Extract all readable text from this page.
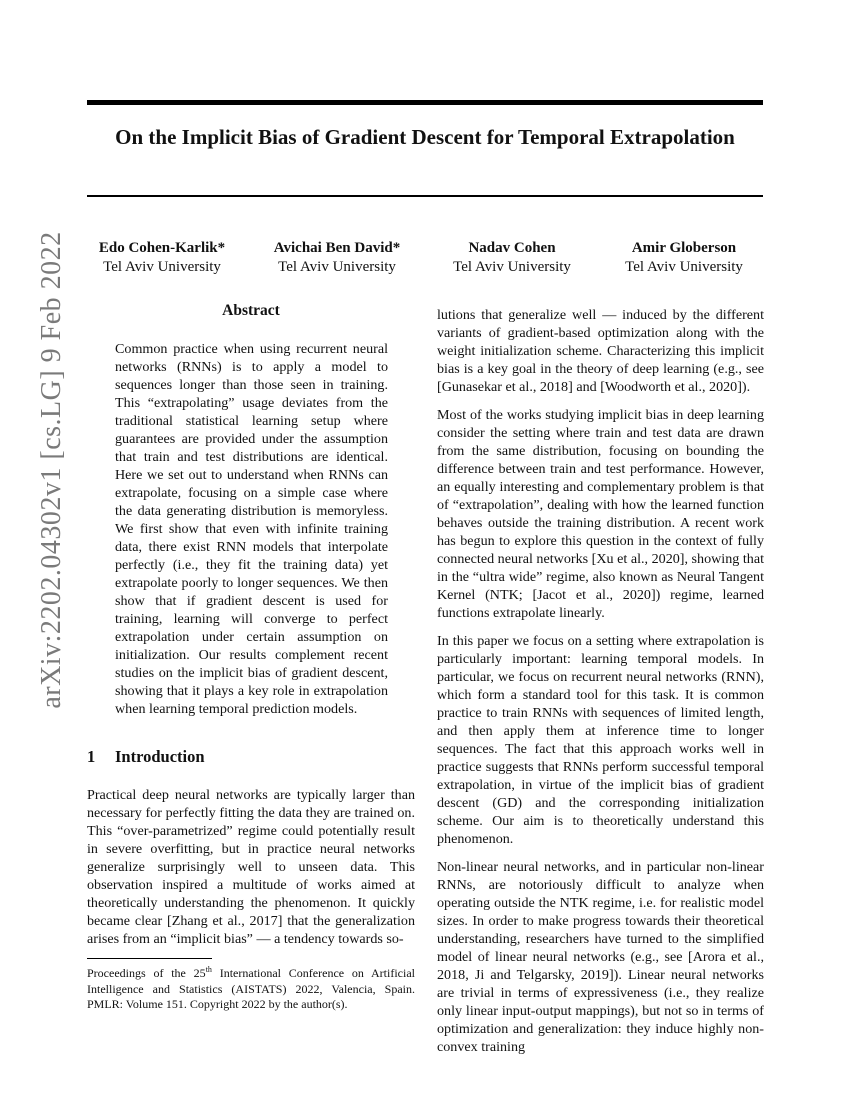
arXiv:2202.04302v1 [cs.LG] 9 Feb 2022
On the Implicit Bias of Gradient Descent for Temporal Extrapolation
Edo Cohen-Karlik*
Tel Aviv University
Avichai Ben David*
Tel Aviv University
Nadav Cohen
Tel Aviv University
Amir Globerson
Tel Aviv University
Abstract

Common practice when using recurrent neural networks (RNNs) is to apply a model to sequences longer than those seen in training. This “extrapolating” usage deviates from the traditional statistical learning setup where guarantees are provided under the assumption that train and test distributions are identical. Here we set out to understand when RNNs can extrapolate, focusing on a simple case where the data generating distribution is memoryless. We first show that even with infinite training data, there exist RNN models that interpolate perfectly (i.e., they fit the training data) yet extrapolate poorly to longer sequences. We then show that if gradient descent is used for training, learning will converge to perfect extrapolation under certain assumption on initialization. Our results complement recent studies on the implicit bias of gradient descent, showing that it plays a key role in extrapolation when learning temporal prediction models.

1 Introduction

Practical deep neural networks are typically larger than necessary for perfectly fitting the data they are trained on. This “over-parametrized” regime could potentially result in severe overfitting, but in practice neural networks generalize surprisingly well to unseen data. This observation inspired a multitude of works aimed at theoretically understanding the phenomenon. It quickly became clear [Zhang et al., 2017] that the generalization arises from an “implicit bias” — a tendency towards so-

lutions that generalize well — induced by the different variants of gradient-based optimization along with the weight initialization scheme. Characterizing this implicit bias is a key goal in the theory of deep learning (e.g., see [Gunasekar et al., 2018] and [Woodworth et al., 2020]).

Most of the works studying implicit bias in deep learning consider the setting where train and test data are drawn from the same distribution, focusing on bounding the difference between train and test performance. However, an equally interesting and complementary problem is that of “extrapolation”, dealing with how the learned function behaves outside the training distribution. A recent work has begun to explore this question in the context of fully connected neural networks [Xu et al., 2020], showing that in the “ultra wide” regime, also known as Neural Tangent Kernel (NTK; [Jacot et al., 2020]) regime, learned functions extrapolate linearly.

In this paper we focus on a setting where extrapolation is particularly important: learning temporal models. In particular, we focus on recurrent neural networks (RNN), which form a standard tool for this task. It is common practice to train RNNs with sequences of limited length, and then apply them at inference time to longer sequences. The fact that this approach works well in practice suggests that RNNs perform successful temporal extrapolation, in virtue of the implicit bias of gradient descent (GD) and the corresponding initialization scheme. Our aim is to theoretically understand this phenomenon.

Non-linear neural networks, and in particular non-linear RNNs, are notoriously difficult to analyze when operating outside the NTK regime, i.e. for realistic model sizes. In order to make progress towards their theoretical understanding, researchers have turned to the simplified model of linear neural networks (e.g., see [Arora et al., 2018, Ji and Telgarsky, 2019]). Linear neural networks are trivial in terms of expressiveness (i.e., they realize only linear input-output mappings), but not so in terms of optimization and generalization: they induce highly non-convex training

Proceedings of the 25th International Conference on Artificial Intelligence and Statistics (AISTATS) 2022, Valencia, Spain. PMLR: Volume 151. Copyright 2022 by the author(s).
